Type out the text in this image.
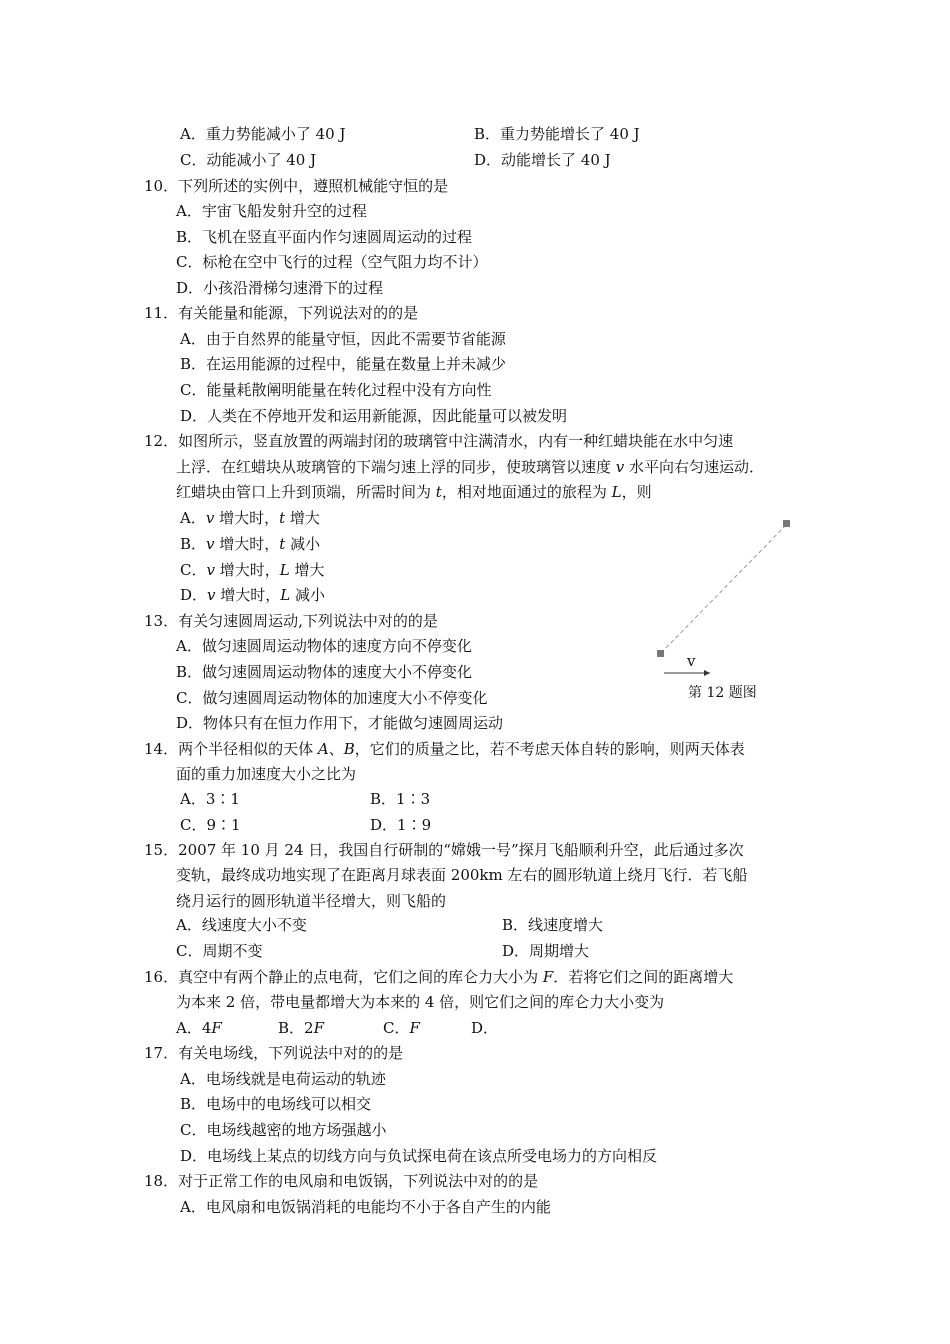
A．重力势能减小了 40 J	B．重力势能增长了 40 J
C．动能减小了 40 J	D．动能增长了 40 J
10．下列所述的实例中，遵照机械能守恒的是
A．宇宙飞船发射升空的过程
B．飞机在竖直平面内作匀速圆周运动的过程
C．标枪在空中飞行的过程（空气阻力均不计）
D．小孩沿滑梯匀速滑下的过程
11．有关能量和能源，下列说法对的的是
A．由于自然界的能量守恒，因此不需要节省能源
B．在运用能源的过程中，能量在数量上并未减少
C．能量耗散阐明能量在转化过程中没有方向性
D．人类在不停地开发和运用新能源，因此能量可以被发明
12．如图所示，竖直放置的两端封闭的玻璃管中注满清水，内有一种红蜡块能在水中匀速
上浮．在红蜡块从玻璃管的下端匀速上浮的同步，使玻璃管以速度 v 水平向右匀速运动．
红蜡块由管口上升到顶端，所需时间为 t，相对地面通过的旅程为 L，则
A．v 增大时，t 增大
B．v 增大时，t 减小
C．v 增大时，L 增大
D．v 增大时，L 减小
v
第 12 题图
13．有关匀速圆周运动,下列说法中对的的是
A．做匀速圆周运动物体的速度方向不停变化
B．做匀速圆周运动物体的速度大小不停变化
C．做匀速圆周运动物体的加速度大小不停变化
D．物体只有在恒力作用下，才能做匀速圆周运动
14．两个半径相似的天体 A、B，它们的质量之比，若不考虑天体自转的影响，则两天体表
面的重力加速度大小之比为
A．3∶1	B．1∶3
C．9∶1	D．1∶9
15．2007 年 10 月 24 日，我国自行研制的“嫦娥一号”探月飞船顺利升空，此后通过多次
变轨，最终成功地实现了在距离月球表面 200km 左右的圆形轨道上绕月飞行．若飞船
绕月运行的圆形轨道半径增大，则飞船的
A．线速度大小不变	B．线速度增大
C．周期不变	D．周期增大
16．真空中有两个静止的点电荷，它们之间的库仑力大小为 F．若将它们之间的距离增大
为本来 2 倍，带电量都增大为本来的 4 倍，则它们之间的库仑力大小变为
A．4F	B．2F	C．F	D．
17．有关电场线，下列说法中对的的是
A．电场线就是电荷运动的轨迹
B．电场中的电场线可以相交
C．电场线越密的地方场强越小
D．电场线上某点的切线方向与负试探电荷在该点所受电场力的方向相反
18．对于正常工作的电风扇和电饭锅，下列说法中对的的是
A．电风扇和电饭锅消耗的电能均不小于各自产生的内能
